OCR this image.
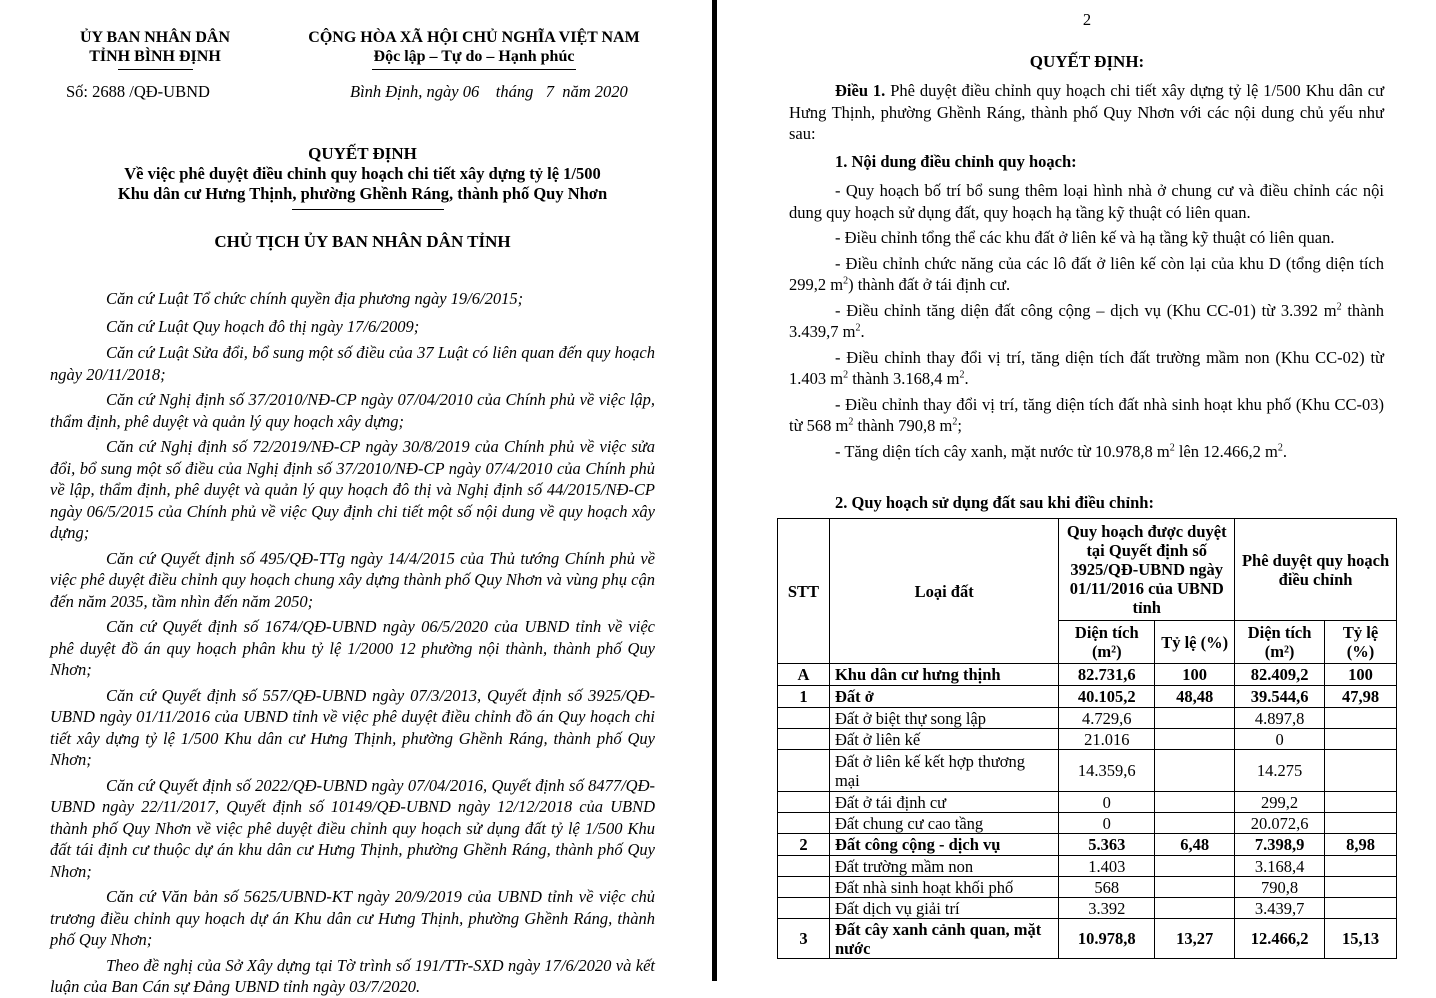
ỦY BAN NHÂN DÂN
TỈNH BÌNH ĐỊNH
CỘNG HÒA XÃ HỘI CHỦ NGHĨA VIỆT NAM
Độc lập – Tự do – Hạnh phúc
Số: 2688 /QĐ-UBND	Bình Định, ngày 06    tháng   7  năm 2020
QUYẾT ĐỊNH
Về việc phê duyệt điều chỉnh quy hoạch chi tiết xây dựng tỷ lệ 1/500
Khu dân cư Hưng Thịnh, phường Ghềnh Ráng, thành phố Quy Nhơn
CHỦ TỊCH ỦY BAN NHÂN DÂN TỈNH
Căn cứ Luật Tổ chức chính quyền địa phương ngày 19/6/2015;
Căn cứ Luật Quy hoạch đô thị ngày 17/6/2009;
Căn cứ Luật Sửa đổi, bổ sung một số điều của 37 Luật có liên quan đến quy hoạch ngày 20/11/2018;
Căn cứ Nghị định số 37/2010/NĐ-CP ngày 07/04/2010 của Chính phủ về việc lập, thẩm định, phê duyệt và quản lý quy hoạch xây dựng;
Căn cứ Nghị định số 72/2019/NĐ-CP ngày 30/8/2019 của Chính phủ về việc sửa đổi, bổ sung một số điều của Nghị định số 37/2010/NĐ-CP ngày 07/4/2010 của Chính phủ về lập, thẩm định, phê duyệt và quản lý quy hoạch đô thị và Nghị định số 44/2015/NĐ-CP ngày 06/5/2015 của Chính phủ về việc Quy định chi tiết một số nội dung về quy hoạch xây dựng;
Căn cứ Quyết định số 495/QĐ-TTg ngày 14/4/2015 của Thủ tướng Chính phủ về việc phê duyệt điều chỉnh quy hoạch chung xây dựng thành phố Quy Nhơn và vùng phụ cận đến năm 2035, tầm nhìn đến năm 2050;
Căn cứ Quyết định số 1674/QĐ-UBND ngày 06/5/2020 của UBND tỉnh về việc phê duyệt đồ án quy hoạch phân khu tỷ lệ 1/2000 12 phường nội thành, thành phố Quy Nhơn;
Căn cứ Quyết định số 557/QĐ-UBND ngày 07/3/2013, Quyết định số 3925/QĐ-UBND ngày 01/11/2016 của UBND tỉnh về việc phê duyệt điều chỉnh đồ án Quy hoạch chi tiết xây dựng tỷ lệ 1/500 Khu dân cư Hưng Thịnh, phường Ghềnh Ráng, thành phố Quy Nhơn;
Căn cứ Quyết định số 2022/QĐ-UBND ngày 07/04/2016, Quyết định số 8477/QĐ-UBND ngày 22/11/2017, Quyết định số 10149/QĐ-UBND ngày 12/12/2018 của UBND thành phố Quy Nhơn về việc phê duyệt điều chỉnh quy hoạch sử dụng đất tỷ lệ 1/500 Khu đất tái định cư thuộc dự án khu dân cư Hưng Thịnh, phường Ghềnh Ráng, thành phố Quy Nhơn;
Căn cứ Văn bản số 5625/UBND-KT ngày 20/9/2019 của UBND tỉnh về việc chủ trương điều chỉnh quy hoạch dự án Khu dân cư Hưng Thịnh, phường Ghềnh Ráng, thành phố Quy Nhơn;
Theo đề nghị của Sở Xây dựng tại Tờ trình số 191/TTr-SXD ngày 17/6/2020 và kết luận của Ban Cán sự Đảng UBND tỉnh ngày 03/7/2020.
2
QUYẾT ĐỊNH:
Điều 1. Phê duyệt điều chỉnh quy hoạch chi tiết xây dựng tỷ lệ 1/500 Khu dân cư Hưng Thịnh, phường Ghềnh Ráng, thành phố Quy Nhơn với các nội dung chủ yếu như sau:
1. Nội dung điều chỉnh quy hoạch:
- Quy hoạch bố trí bổ sung thêm loại hình nhà ở chung cư và điều chỉnh các nội dung quy hoạch sử dụng đất, quy hoạch hạ tầng kỹ thuật có liên quan.
- Điều chỉnh tổng thể các khu đất ở liên kế và hạ tầng kỹ thuật có liên quan.
- Điều chỉnh chức năng của các lô đất ở liên kế còn lại của khu D (tổng diện tích 299,2 $m^2$) thành đất ở tái định cư.
- Điều chỉnh tăng diện đất công cộng – dịch vụ (Khu CC-01) từ 3.392 $m^2$ thành 3.439,7 $m^2$.
- Điều chỉnh thay đổi vị trí, tăng diện tích đất trường mầm non (Khu CC-02) từ 1.403 $m^2$ thành 3.168,4 $m^2$.
- Điều chỉnh thay đổi vị trí, tăng diện tích đất nhà sinh hoạt khu phố (Khu CC-03) từ 568 $m^2$ thành 790,8 $m^2$;
- Tăng diện tích cây xanh, mặt nước từ 10.978,8 $m^2$ lên 12.466,2 $m^2$.
2. Quy hoạch sử dụng đất sau khi điều chỉnh:
STT	Loại đất	Quy hoạch được duyệt tại Quyết định số 3925/QĐ-UBND ngày 01/11/2016 của UBND tỉnh		Phê duyệt quy hoạch điều chỉnh	
		Diện tích (m²)	Tỷ lệ (%)	Diện tích (m²)	Tỷ lệ (%)
A	Khu dân cư hưng thịnh	82.731,6	100	82.409,2	100
1	Đất ở	40.105,2	48,48	39.544,6	47,98
	Đất ở biệt thự song lập	4.729,6		4.897,8	
	Đất ở liên kế	21.016		0	
	Đất ở liên kế kết hợp thương mại	14.359,6		14.275	
	Đất ở tái định cư	0		299,2	
	Đất chung cư cao tầng	0		20.072,6	
2	Đất công cộng - dịch vụ	5.363	6,48	7.398,9	8,98
	Đất trường mầm non	1.403		3.168,4	
	Đất nhà sinh hoạt khối phố	568		790,8	
	Đất dịch vụ giải trí	3.392		3.439,7	
3	Đất cây xanh cảnh quan, mặt nước	10.978,8	13,27	12.466,2	15,13
